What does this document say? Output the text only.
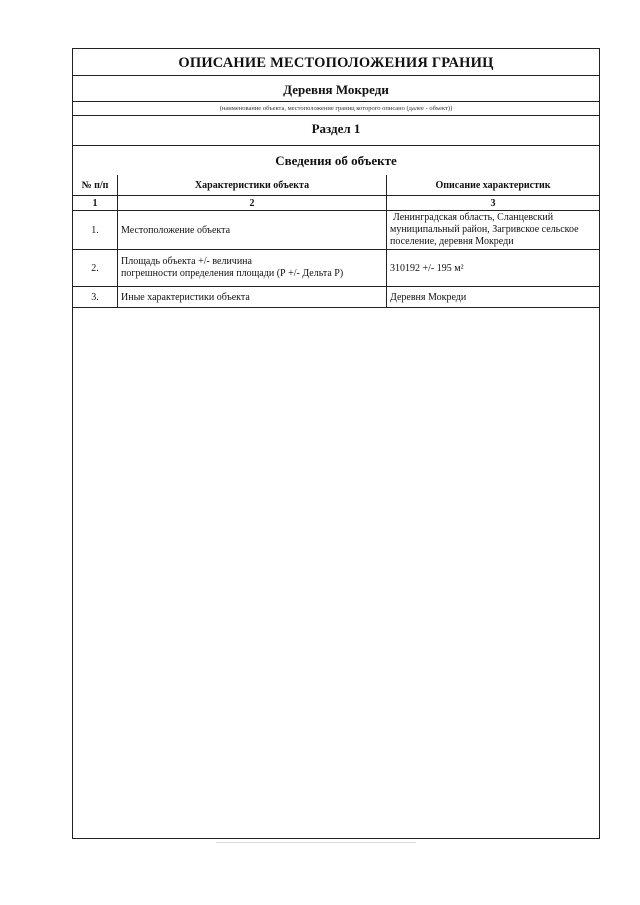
ОПИСАНИЕ МЕСТОПОЛОЖЕНИЯ ГРАНИЦ
Деревня Мокреди
(наименование объекта, местоположение границ которого описано (далее - объект))
Раздел 1
Сведения об объекте
№ п/п	Характеристики объекта	Описание характеристик
1	2	3
1.	Местоположение объекта	Ленинградская область, Сланцевский
муниципальный район, Загривское сельское
поселение, деревня Мокреди

2.	Площадь объекта +/- величина
погрешности определения площади (Р +/- Дельта Р)	310192 +/- 195 м²
3.	Иные характеристики объекта	Деревня Мокреди
